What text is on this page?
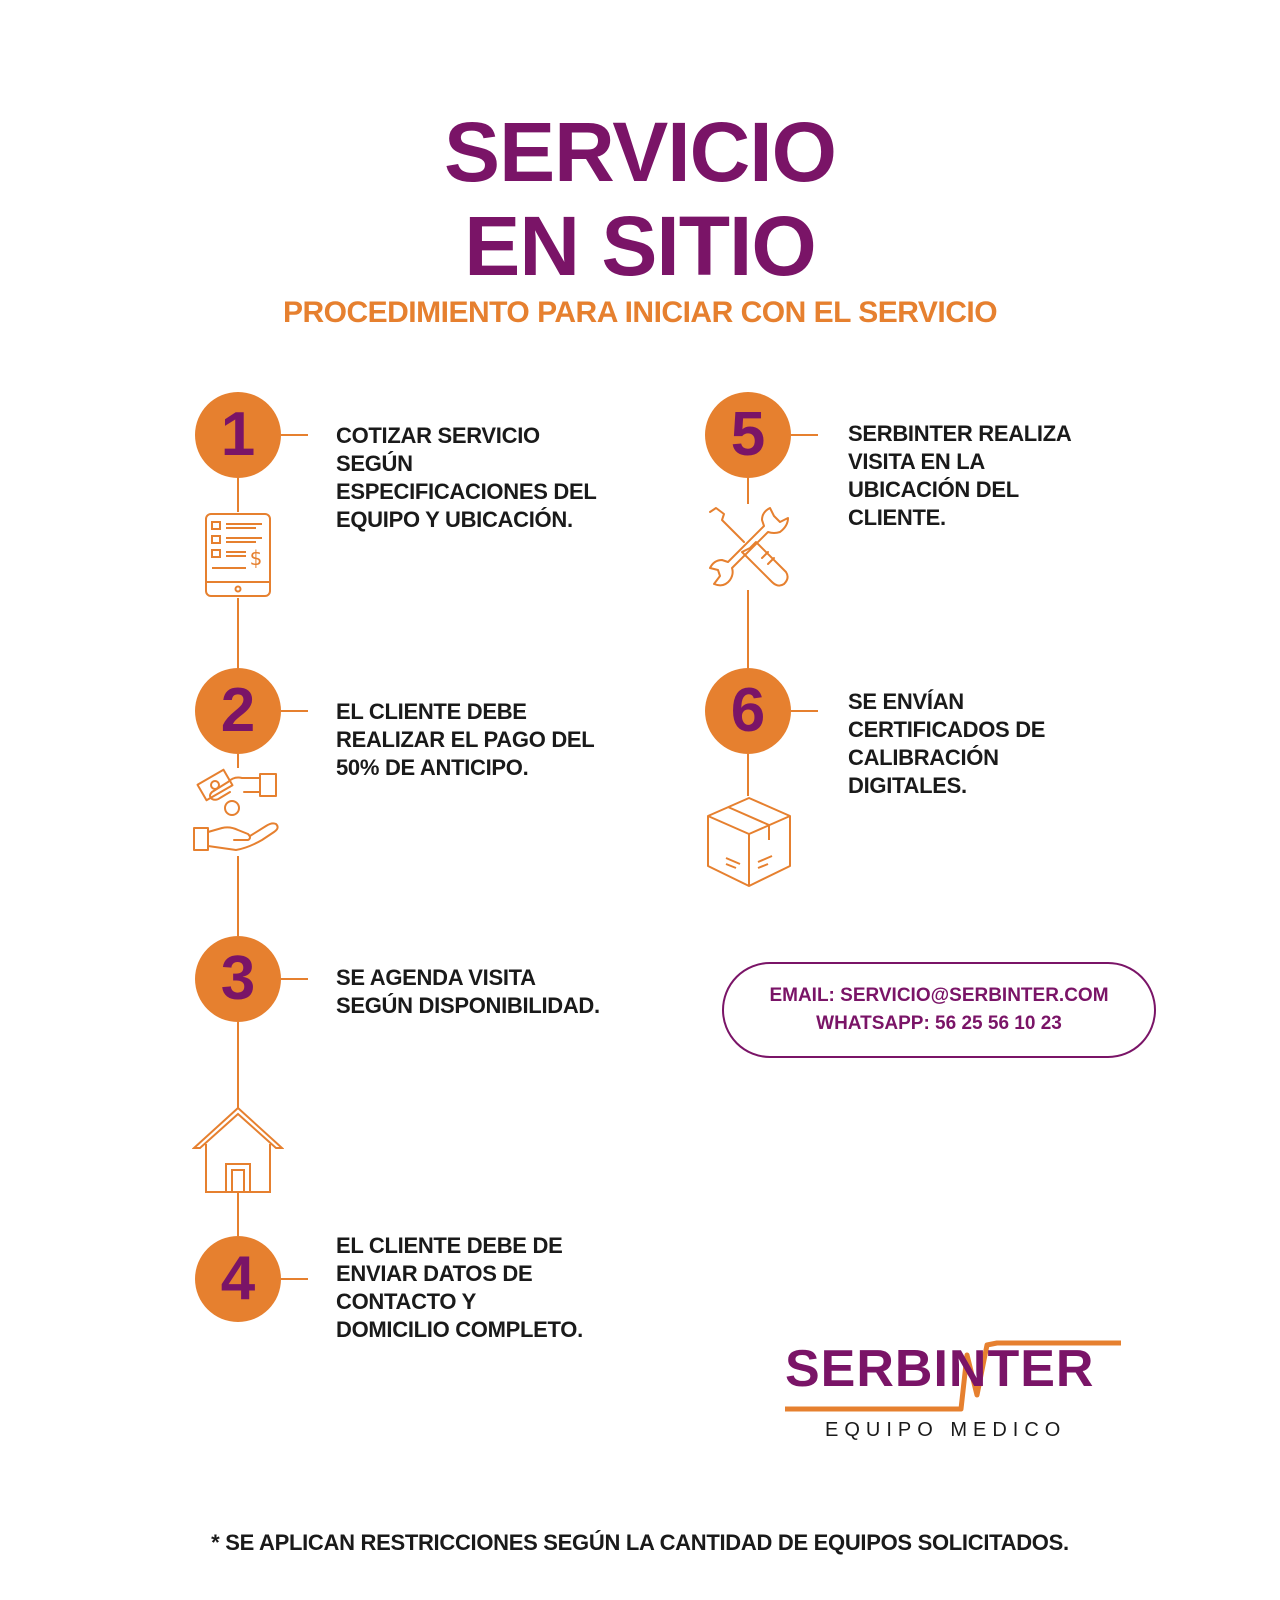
SERVICIO
EN SITIO
PROCEDIMIENTO PARA INICIAR CON EL SERVICIO
1
2
3
4
5
6
COTIZAR SERVICIO
SEGÚN
ESPECIFICACIONES DEL
EQUIPO Y UBICACIÓN.
EL CLIENTE DEBE
REALIZAR EL PAGO DEL
50% DE ANTICIPO.
SE AGENDA VISITA
SEGÚN DISPONIBILIDAD.
EL CLIENTE DEBE DE
ENVIAR DATOS DE
CONTACTO Y
DOMICILIO COMPLETO.
SERBINTER REALIZA
VISITA EN LA
UBICACIÓN DEL
CLIENTE.
SE ENVÍAN
CERTIFICADOS DE
CALIBRACIÓN
DIGITALES.
$
EMAIL: SERVICIO@SERBINTER.COM
WHATSAPP: 56 25 56 10 23
SERBINTER
EQUIPO MEDICO
* SE APLICAN RESTRICCIONES SEGÚN LA CANTIDAD DE EQUIPOS SOLICITADOS.
